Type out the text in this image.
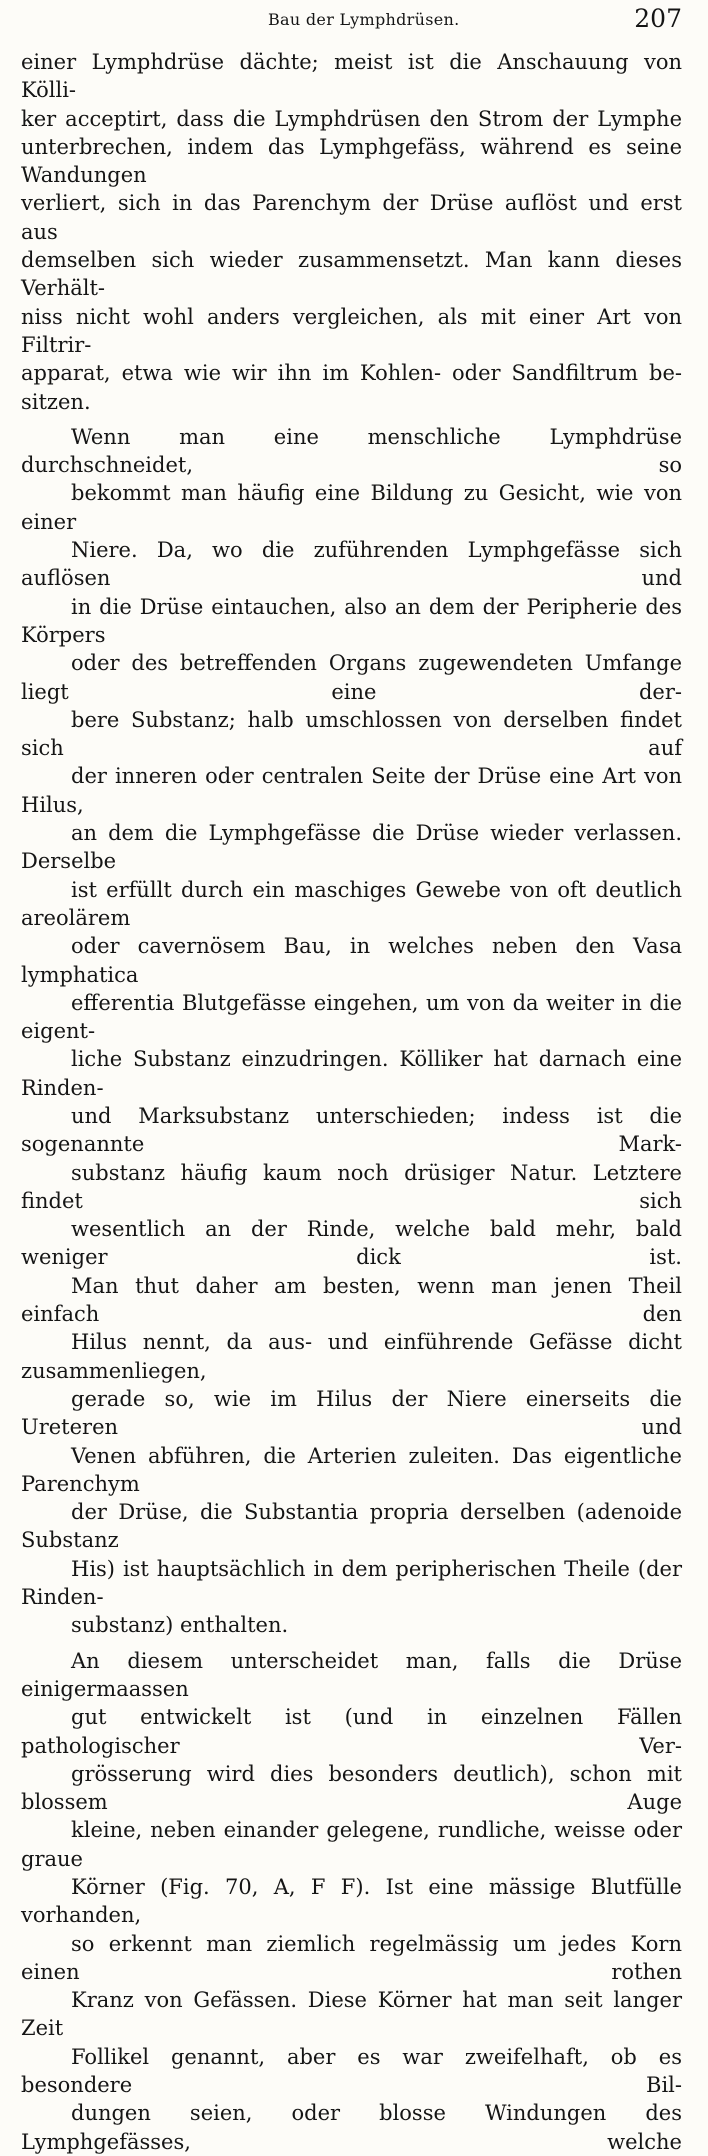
Bau der Lymphdrüsen.	207

einer Lymphdrüse dächte; meist ist die Anschauung von Kölli-
ker acceptirt, dass die Lymphdrüsen den Strom der Lymphe
unterbrechen, indem das Lymphgefäss, während es seine Wandungen
verliert, sich in das Parenchym der Drüse auflöst und erst aus
demselben sich wieder zusammensetzt. Man kann dieses Verhält-
niss nicht wohl anders vergleichen, als mit einer Art von Filtrir-
apparat, etwa wie wir ihn im Kohlen- oder Sandfiltrum be-
sitzen.

Wenn man eine menschliche Lymphdrüse durchschneidet, so
bekommt man häufig eine Bildung zu Gesicht, wie von einer
Niere. Da, wo die zuführenden Lymphgefässe sich auflösen und
in die Drüse eintauchen, also an dem der Peripherie des Körpers
oder des betreffenden Organs zugewendeten Umfange liegt eine der-
bere Substanz; halb umschlossen von derselben findet sich auf
der inneren oder centralen Seite der Drüse eine Art von Hilus,
an dem die Lymphgefässe die Drüse wieder verlassen. Derselbe
ist erfüllt durch ein maschiges Gewebe von oft deutlich areolärem
oder cavernösem Bau, in welches neben den Vasa lymphatica
efferentia Blutgefässe eingehen, um von da weiter in die eigent-
liche Substanz einzudringen. Kölliker hat darnach eine Rinden-
und Marksubstanz unterschieden; indess ist die sogenannte Mark-
substanz häufig kaum noch drüsiger Natur. Letztere findet sich
wesentlich an der Rinde, welche bald mehr, bald weniger dick ist.
Man thut daher am besten, wenn man jenen Theil einfach den
Hilus nennt, da aus- und einführende Gefässe dicht zusammenliegen,
gerade so, wie im Hilus der Niere einerseits die Ureteren und
Venen abführen, die Arterien zuleiten. Das eigentliche Parenchym
der Drüse, die Substantia propria derselben (adenoide Substanz
His) ist hauptsächlich in dem peripherischen Theile (der Rinden-
substanz) enthalten.

An diesem unterscheidet man, falls die Drüse einigermaassen
gut entwickelt ist (und in einzelnen Fällen pathologischer Ver-
grösserung wird dies besonders deutlich), schon mit blossem Auge
kleine, neben einander gelegene, rundliche, weisse oder graue
Körner (Fig. 70, A, F F). Ist eine mässige Blutfülle vorhanden,
so erkennt man ziemlich regelmässig um jedes Korn einen rothen
Kranz von Gefässen. Diese Körner hat man seit langer Zeit
Follikel genannt, aber es war zweifelhaft, ob es besondere Bil-
dungen seien, oder blosse Windungen des Lymphgefässes, welche
